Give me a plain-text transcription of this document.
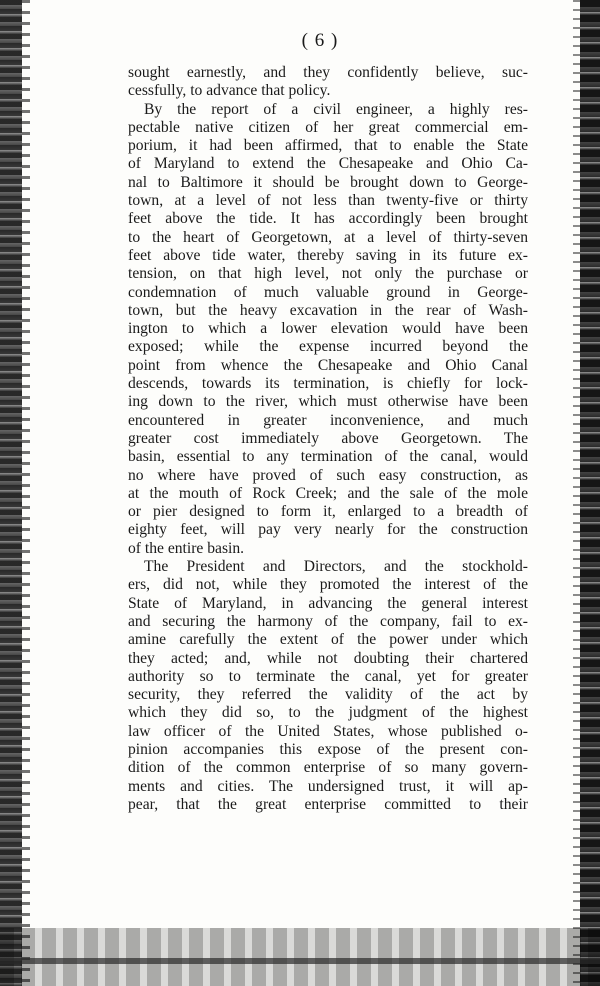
( 6 )
sought earnestly, and they confidently believe, suc-
cessfully, to advance that policy.
By the report of a civil engineer, a highly res-
pectable native citizen of her great commercial em-
porium, it had been affirmed, that to enable the State
of Maryland to extend the Chesapeake and Ohio Ca-
nal to Baltimore it should be brought down to George-
town, at a level of not less than twenty-five or thirty
feet above the tide. It has accordingly been brought
to the heart of Georgetown, at a level of thirty-seven
feet above tide water, thereby saving in its future ex-
tension, on that high level, not only the purchase or
condemnation of much valuable ground in George-
town, but the heavy excavation in the rear of Wash-
ington to which a lower elevation would have been
exposed; while the expense incurred beyond the
point from whence the Chesapeake and Ohio Canal
descends, towards its termination, is chiefly for lock-
ing down to the river, which must otherwise have been
encountered in greater inconvenience, and much
greater cost immediately above Georgetown. The
basin, essential to any termination of the canal, would
no where have proved of such easy construction, as
at the mouth of Rock Creek; and the sale of the mole
or pier designed to form it, enlarged to a breadth of
eighty feet, will pay very nearly for the construction
of the entire basin.
The President and Directors, and the stockhold-
ers, did not, while they promoted the interest of the
State of Maryland, in advancing the general interest
and securing the harmony of the company, fail to ex-
amine carefully the extent of the power under which
they acted; and, while not doubting their chartered
authority so to terminate the canal, yet for greater
security, they referred the validity of the act by
which they did so, to the judgment of the highest
law officer of the United States, whose published o-
pinion accompanies this expose of the present con-
dition of the common enterprise of so many govern-
ments and cities. The undersigned trust, it will ap-
pear, that the great enterprise committed to their
